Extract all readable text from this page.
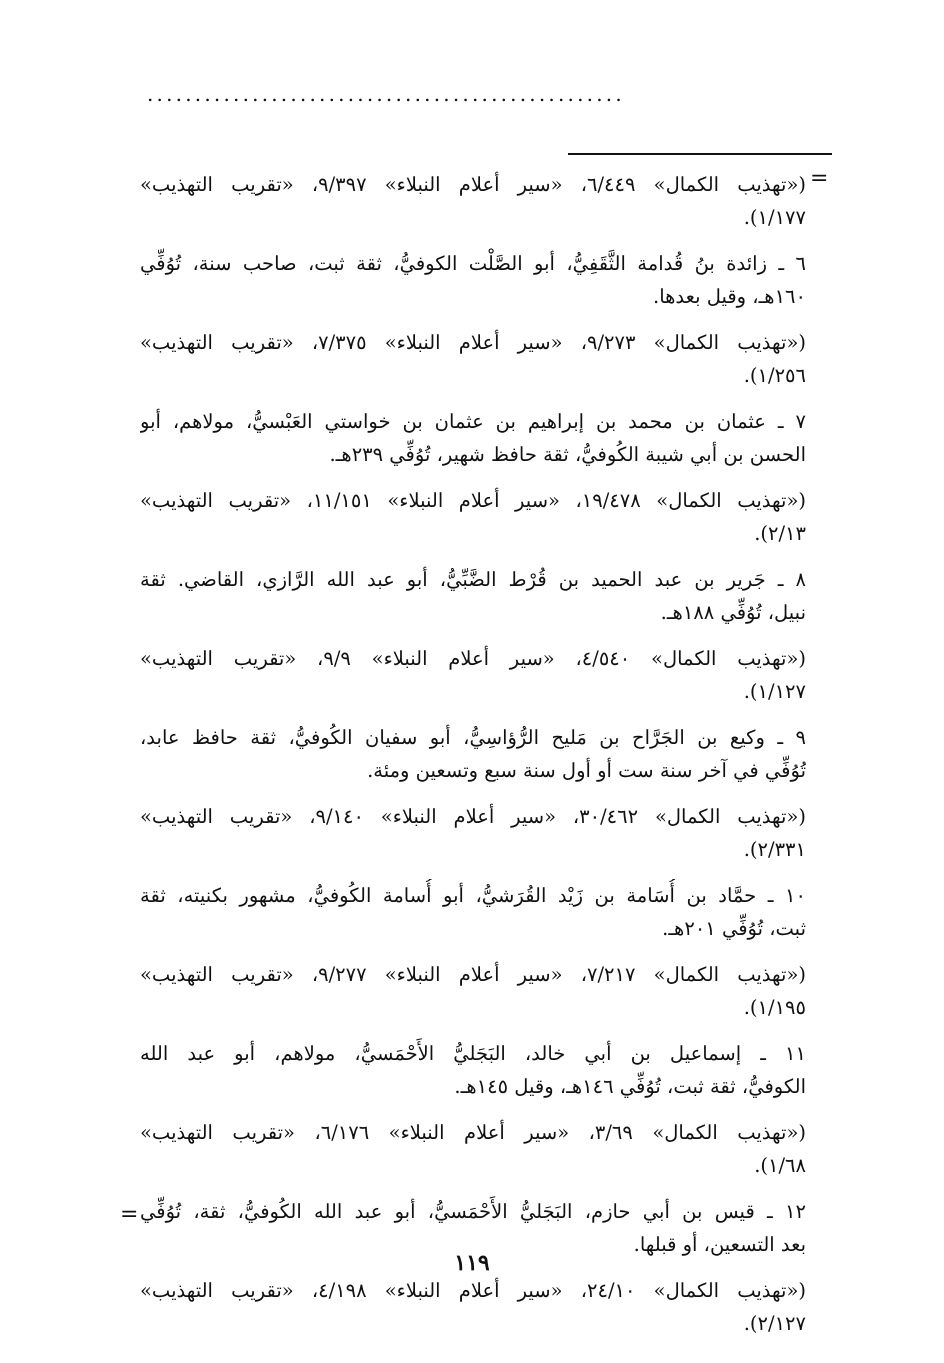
..................................................
=
(«تهذيب الكمال» ٦/٤٤٩، «سير أعلام النبلاء» ٩/٣٩٧، «تقريب التهذيب»
١/١٧٧).
٦ ـ زائدة بنُ قُدامة الثَّقَفِيُّ، أبو الصَّلْت الكوفيُّ، ثقة ثبت، صاحب سنة، تُوُفِّي
١٦٠هـ، وقيل بعدها.
(«تهذيب الكمال» ٩/٢٧٣، «سير أعلام النبلاء» ٧/٣٧٥، «تقريب التهذيب»
١/٢٥٦).
٧ ـ عثمان بن محمد بن إبراهيم بن عثمان بن خواستي العَبْسيُّ، مولاهم، أبو
الحسن بن أبي شيبة الكُوفيُّ، ثقة حافظ شهير، تُوُفِّي ٢٣٩هـ.
(«تهذيب الكمال» ١٩/٤٧٨، «سير أعلام النبلاء» ١١/١٥١، «تقريب التهذيب»
٢/١٣).
٨ ـ جَرير بن عبد الحميد بن قُرْط الضَّبِّيُّ، أبو عبد الله الرَّازي، القاضي. ثقة
نبيل، تُوُفِّي ١٨٨هـ.
(«تهذيب الكمال» ٤/٥٤٠، «سير أعلام النبلاء» ٩/٩، «تقريب التهذيب»
١/١٢٧).
٩ ـ وكيع بن الجَرَّاح بن مَليح الرُّؤاسِيُّ، أبو سفيان الكُوفيُّ، ثقة حافظ عابد،
تُوُفِّي في آخر سنة ست أو أول سنة سبع وتسعين ومئة.
(«تهذيب الكمال» ٣٠/٤٦٢، «سير أعلام النبلاء» ٩/١٤٠، «تقريب التهذيب»
٢/٣٣١).
١٠ ـ حمَّاد بن أُسَامة بن زَيْد القُرَشيُّ، أبو أُسامة الكُوفيُّ، مشهور بكنيته، ثقة
ثبت، تُوُفِّي ٢٠١هـ.
(«تهذيب الكمال» ٧/٢١٧، «سير أعلام النبلاء» ٩/٢٧٧، «تقريب التهذيب»
١/١٩٥).
١١ ـ إسماعيل بن أبي خالد، البَجَليُّ الأَحْمَسيُّ، مولاهم، أبو عبد الله
الكوفيُّ، ثقة ثبت، تُوُفِّي ١٤٦هـ، وقيل ١٤٥هـ.
(«تهذيب الكمال» ٣/٦٩، «سير أعلام النبلاء» ٦/١٧٦، «تقريب التهذيب»
١/٦٨).
١٢ ـ قيس بن أبي حازم، البَجَليُّ الأَحْمَسيُّ، أبو عبد الله الكُوفيُّ، ثقة، تُوُفِّي
بعد التسعين، أو قبلها.
(«تهذيب الكمال» ٢٤/١٠، «سير أعلام النبلاء» ٤/١٩٨، «تقريب التهذيب»
٢/١٢٧).
=
١١٩
